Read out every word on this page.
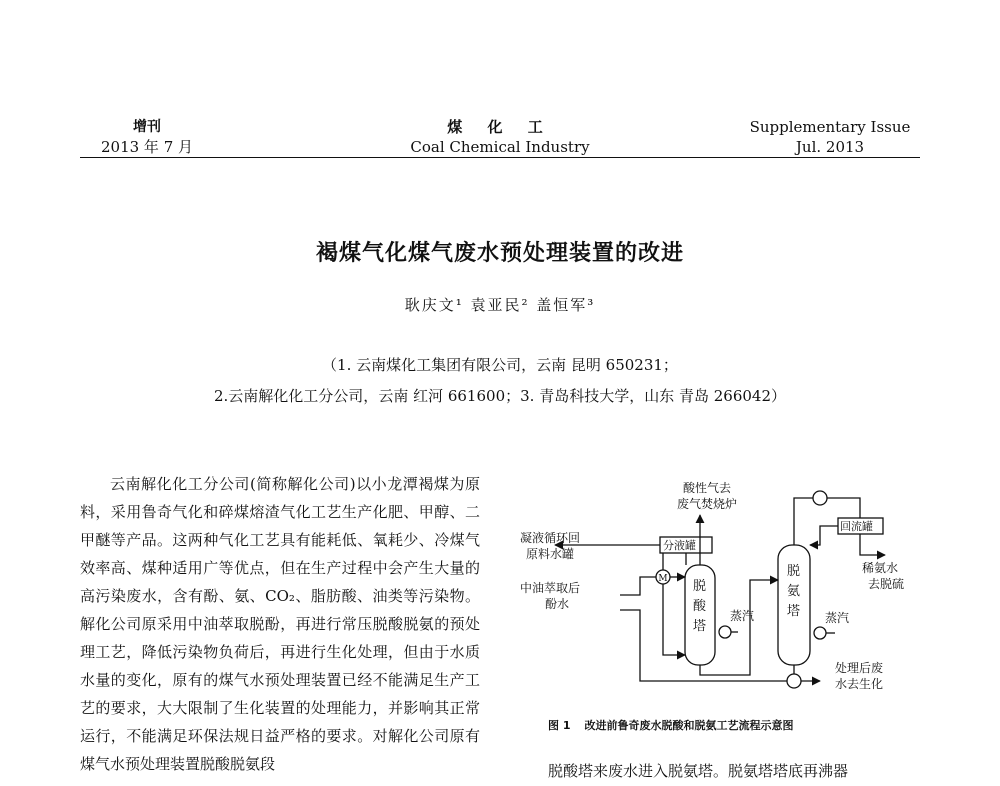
增刊
2013 年 7 月
煤 化 工
Coal Chemical Industry
Supplementary Issue
Jul. 2013
褐煤气化煤气废水预处理装置的改进
耿庆文¹ 袁亚民² 盖恒军³
（1. 云南煤化工集团有限公司，云南 昆明 650231；
2.云南解化化工分公司，云南 红河 661600；3. 青岛科技大学，山东 青岛 266042）

云南解化化工分公司(简称解化公司)以小龙潭褐煤为原料，采用鲁奇气化和碎煤熔渣气化工艺生产化肥、甲醇、二甲醚等产品。这两种气化工艺具有能耗低、氧耗少、冷煤气效率高、煤种适用广等优点，但在生产过程中会产生大量的高污染废水，含有酚、氨、CO₂、脂肪酸、油类等污染物。解化公司原采用中油萃取脱酚，再进行常压脱酸脱氨的预处理工艺，降低污染物负荷后，再进行生化处理，但由于水质水量的变化，原有的煤气水预处理装置已经不能满足生产工艺的要求，大大限制了生化装置的处理能力，并影响其正常运行，不能满足环保法规日益严格的要求。对解化公司原有煤气水预处理装置脱酸脱氨段

M
酸性气去
废气焚烧炉
凝液循环回
原料水罐
中油萃取后
酚水
分液罐
回流罐
脱
酸
塔
脱
氨
塔
蒸汽	蒸汽
稀氨水
去脱硫
处理后废
水去生化
图 1 改进前鲁奇废水脱酸和脱氨工艺流程示意图
脱酸塔来废水进入脱氨塔。脱氨塔塔底再沸器
